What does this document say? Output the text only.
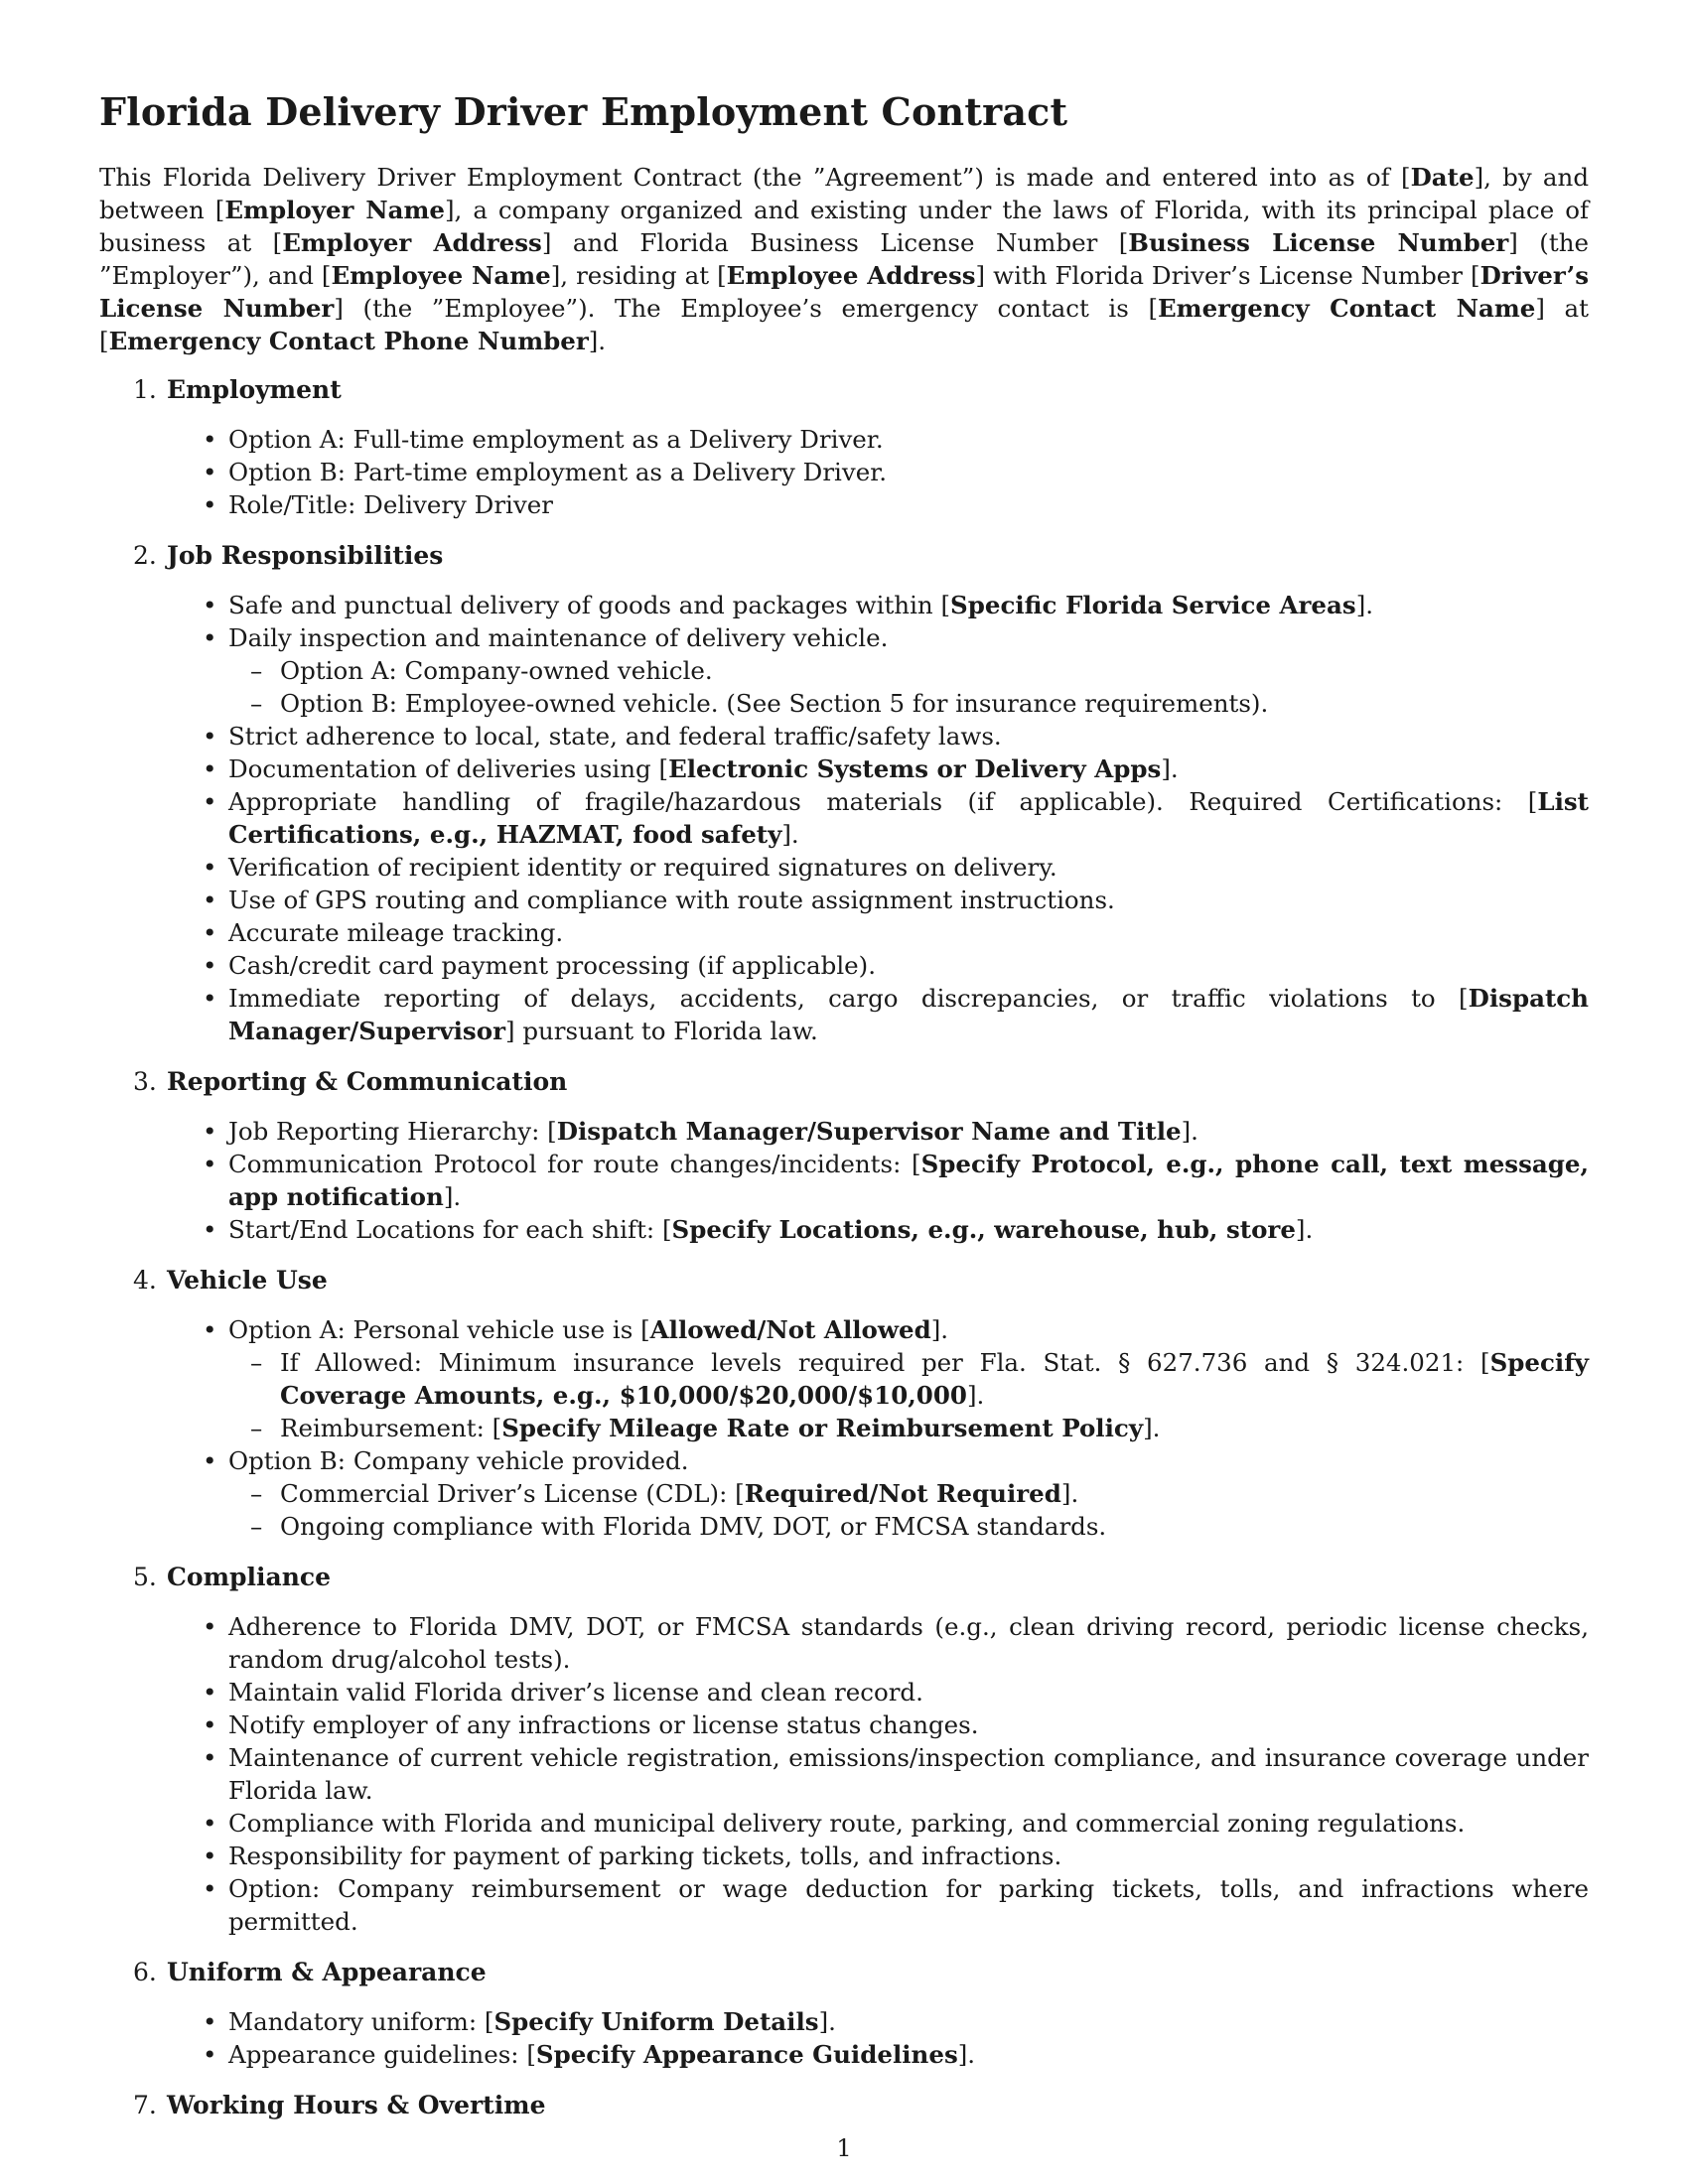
Florida Delivery Driver Employment Contract

This Florida Delivery Driver Employment Contract (the ”Agreement”) is made and entered into as of [Date], by and between [Employer Name], a company organized and existing under the laws of Florida, with its principal place of business at [Employer Address] and Florida Business License Number [Business License Number] (the ”Employer”), and [Employee Name], residing at [Employee Address] with Florida Driver’s License Number [Driver’s License Number] (the ”Employee”). The Employee’s emergency contact is [Emergency Contact Name] at [Emergency Contact Phone Number].

1. Employment
• Option A: Full-time employment as a Delivery Driver.
• Option B: Part-time employment as a Delivery Driver.
• Role/Title: Delivery Driver
2. Job Responsibilities
• Safe and punctual delivery of goods and packages within [Specific Florida Service Areas].
• Daily inspection and maintenance of delivery vehicle.
– Option A: Company-owned vehicle.
– Option B: Employee-owned vehicle. (See Section 5 for insurance requirements).
• Strict adherence to local, state, and federal traffic/safety laws.
• Documentation of deliveries using [Electronic Systems or Delivery Apps].
• Appropriate handling of fragile/hazardous materials (if applicable). Required Certifications: [List Certifications, e.g., HAZMAT, food safety].
• Verification of recipient identity or required signatures on delivery.
• Use of GPS routing and compliance with route assignment instructions.
• Accurate mileage tracking.
• Cash/credit card payment processing (if applicable).
• Immediate reporting of delays, accidents, cargo discrepancies, or traffic violations to [Dispatch Manager/Supervisor] pursuant to Florida law.
3. Reporting & Communication
• Job Reporting Hierarchy: [Dispatch Manager/Supervisor Name and Title].
• Communication Protocol for route changes/incidents: [Specify Protocol, e.g., phone call, text message, app notification].
• Start/End Locations for each shift: [Specify Locations, e.g., warehouse, hub, store].
4. Vehicle Use
• Option A: Personal vehicle use is [Allowed/Not Allowed].
– If Allowed: Minimum insurance levels required per Fla. Stat. § 627.736 and § 324.021: [Specify Coverage Amounts, e.g., $10,000/$20,000/$10,000].
– Reimbursement: [Specify Mileage Rate or Reimbursement Policy].
• Option B: Company vehicle provided.
– Commercial Driver’s License (CDL): [Required/Not Required].
– Ongoing compliance with Florida DMV, DOT, or FMCSA standards.
5. Compliance
• Adherence to Florida DMV, DOT, or FMCSA standards (e.g., clean driving record, periodic license checks, random drug/alcohol tests).
• Maintain valid Florida driver’s license and clean record.
• Notify employer of any infractions or license status changes.
• Maintenance of current vehicle registration, emissions/inspection compliance, and insurance coverage under Florida law.
• Compliance with Florida and municipal delivery route, parking, and commercial zoning regulations.
• Responsibility for payment of parking tickets, tolls, and infractions.
• Option: Company reimbursement or wage deduction for parking tickets, tolls, and infractions where permitted.
6. Uniform & Appearance
• Mandatory uniform: [Specify Uniform Details].
• Appearance guidelines: [Specify Appearance Guidelines].
7. Working Hours & Overtime
1
